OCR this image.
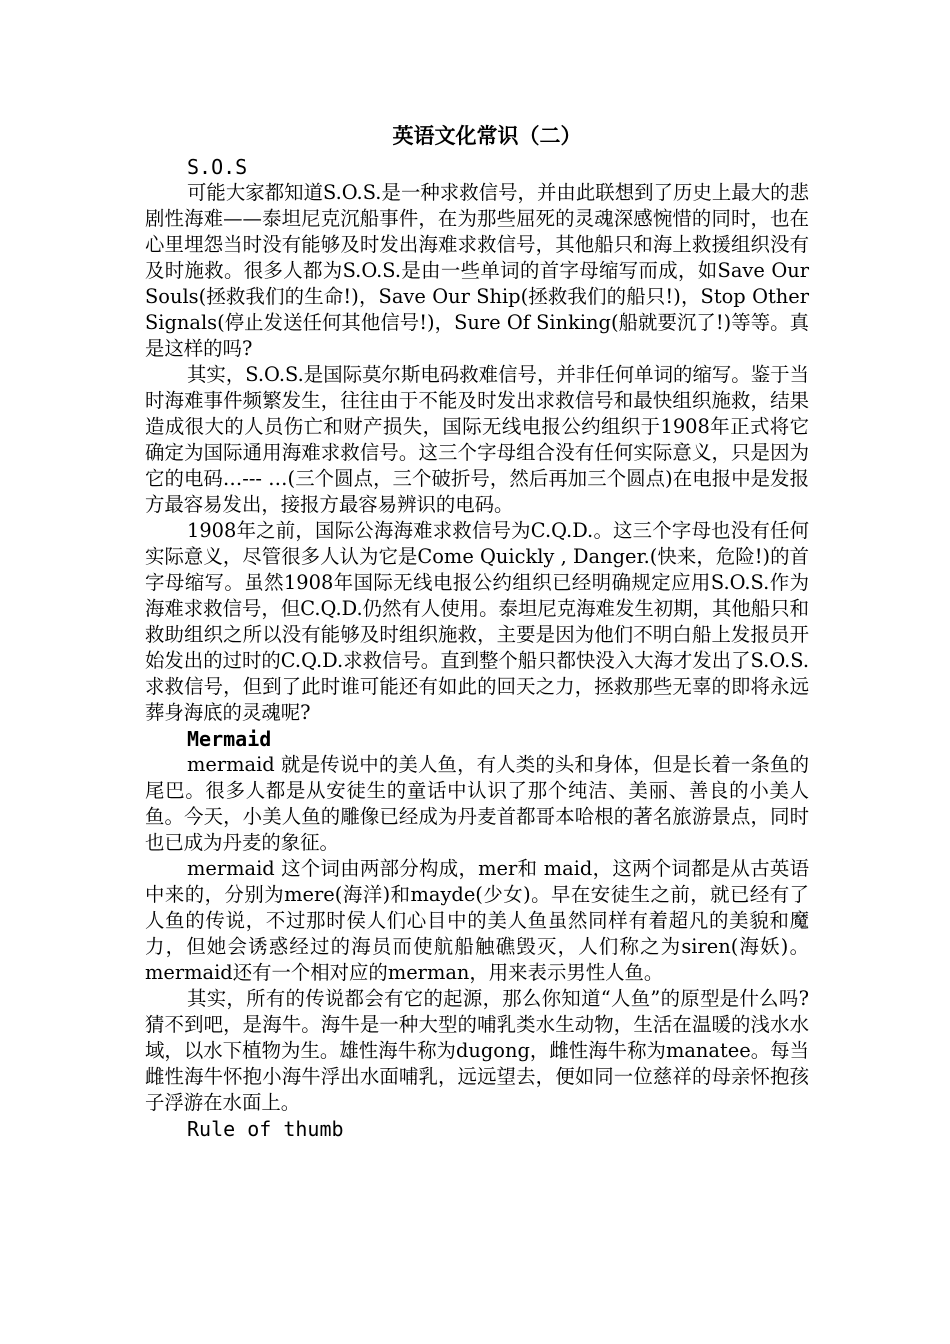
英语文化常识（二）
S.O.S

可能大家都知道S.O.S.是一种求救信号，并由此联想到了历史上最大的悲剧性海难——泰坦尼克沉船事件，在为那些屈死的灵魂深感惋惜的同时，也在心里埋怨当时没有能够及时发出海难求救信号，其他船只和海上救援组织没有及时施救。很多人都为S.O.S.是由一些单词的首字母缩写而成，如Save Our Souls(拯救我们的生命!)，Save Our Ship(拯救我们的船只!)，Stop Other Signals(停止发送任何其他信号!)，Sure Of Sinking(船就要沉了!)等等。真是这样的吗?

其实，S.O.S.是国际莫尔斯电码救难信号，并非任何单词的缩写。鉴于当时海难事件频繁发生，往往由于不能及时发出求救信号和最快组织施救，结果造成很大的人员伤亡和财产损失，国际无线电报公约组织于1908年正式将它确定为国际通用海难求救信号。这三个字母组合没有任何实际意义，只是因为它的电码…--- …(三个圆点，三个破折号，然后再加三个圆点)在电报中是发报方最容易发出，接报方最容易辨识的电码。

1908年之前，国际公海海难求救信号为C.Q.D.。这三个字母也没有任何实际意义，尽管很多人认为它是Come Quickly , Danger.(快来，危险!)的首字母缩写。虽然1908年国际无线电报公约组织已经明确规定应用S.O.S.作为海难求救信号，但C.Q.D.仍然有人使用。泰坦尼克海难发生初期，其他船只和救助组织之所以没有能够及时组织施救，主要是因为他们不明白船上发报员开始发出的过时的C.Q.D.求救信号。直到整个船只都快没入大海才发出了S.O.S.求救信号，但到了此时谁可能还有如此的回天之力，拯救那些无辜的即将永远葬身海底的灵魂呢?

Mermaid

mermaid 就是传说中的美人鱼，有人类的头和身体，但是长着一条鱼的尾巴。很多人都是从安徒生的童话中认识了那个纯洁、美丽、善良的小美人鱼。今天，小美人鱼的雕像已经成为丹麦首都哥本哈根的著名旅游景点，同时也已成为丹麦的象征。

mermaid 这个词由两部分构成，mer和 maid，这两个词都是从古英语中来的，分别为mere(海洋)和mayde(少女)。早在安徒生之前，就已经有了人鱼的传说，不过那时侯人们心目中的美人鱼虽然同样有着超凡的美貌和魔力，但她会诱惑经过的海员而使航船触礁毁灭，人们称之为siren(海妖)。mermaid还有一个相对应的merman，用来表示男性人鱼。

其实，所有的传说都会有它的起源，那么你知道“人鱼”的原型是什么吗?猜不到吧，是海牛。海牛是一种大型的哺乳类水生动物，生活在温暖的浅水水域，以水下植物为生。雄性海牛称为dugong，雌性海牛称为manatee。每当雌性海牛怀抱小海牛浮出水面哺乳，远远望去，便如同一位慈祥的母亲怀抱孩子浮游在水面上。

Rule of thumb
